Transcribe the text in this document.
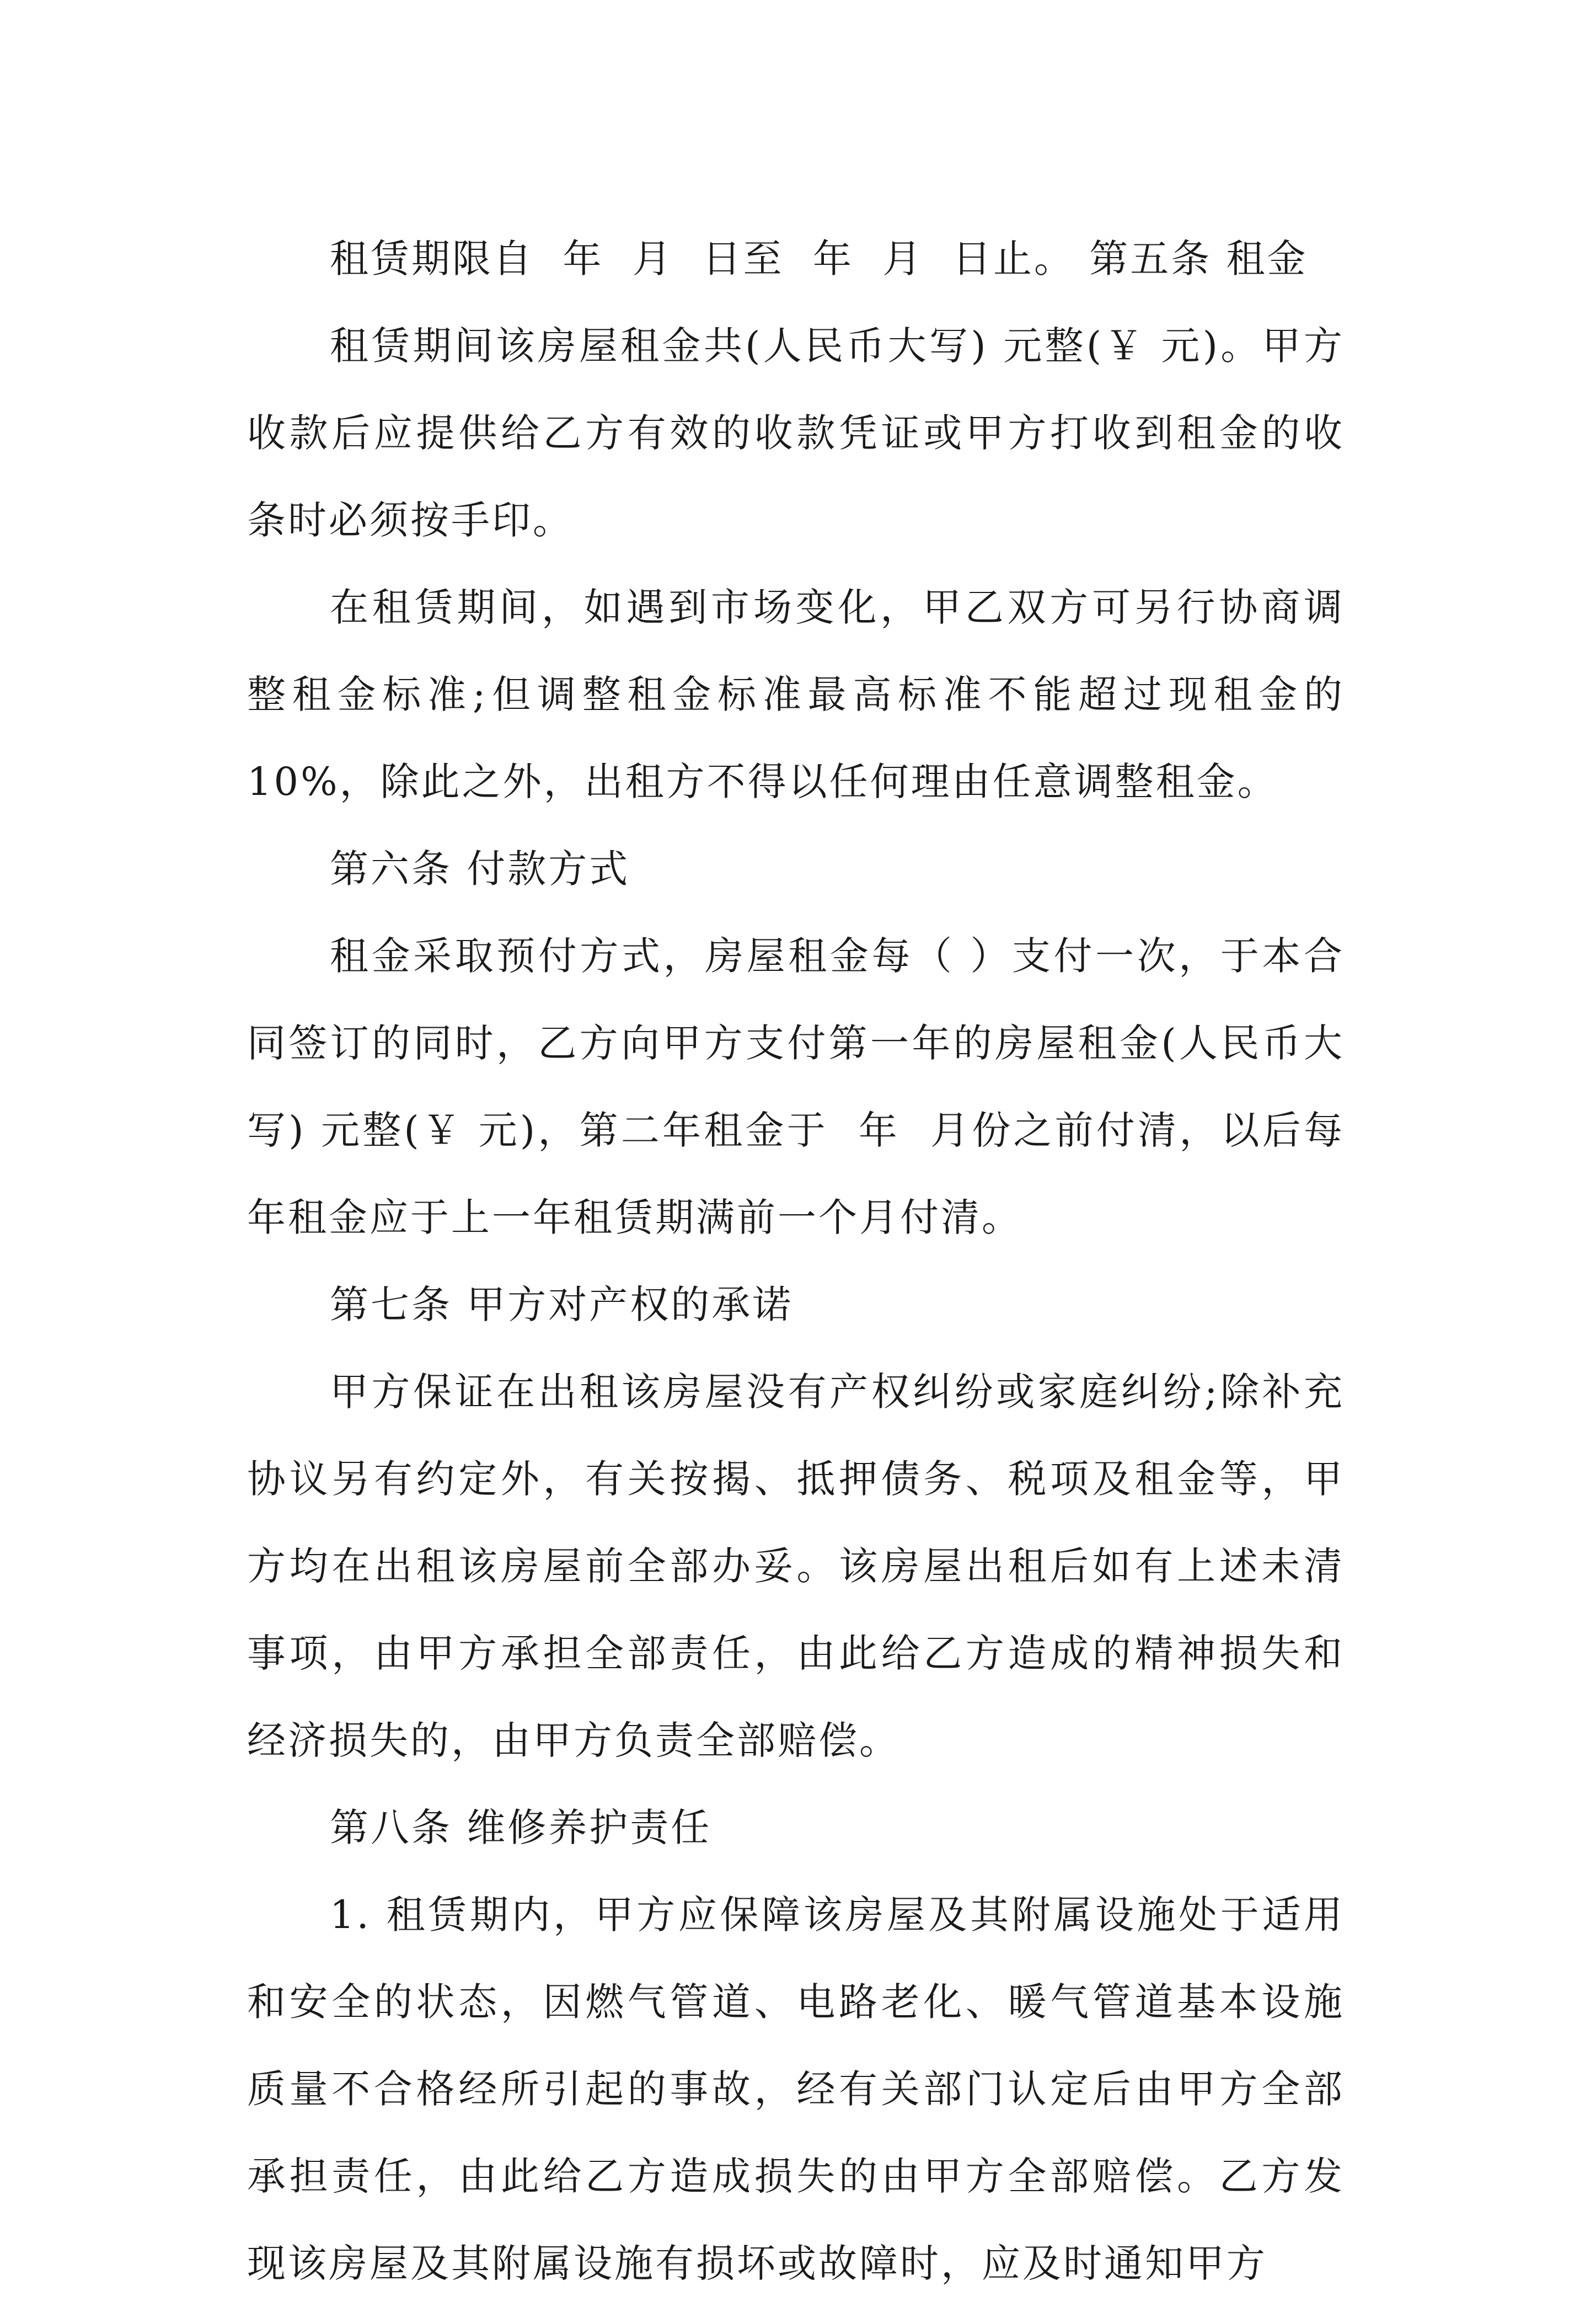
租赁期限自  年  月  日至  年  月  日止。 第五条 租金

租赁期间该房屋租金共(人民币大写) 元整(￥ 元)。甲方收款后应提供给乙方有效的收款凭证或甲方打收到租金的收条时必须按手印。

在租赁期间，如遇到市场变化，甲乙双方可另行协商调整租金标准;但调整租金标准最高标准不能超过现租金的10%，除此之外，出租方不得以任何理由任意调整租金。

第六条 付款方式

租金采取预付方式，房屋租金每（ ）支付一次，于本合同签订的同时，乙方向甲方支付第一年的房屋租金(人民币大写) 元整(￥ 元)，第二年租金于  年  月份之前付清，以后每年租金应于上一年租赁期满前一个月付清。

第七条 甲方对产权的承诺

甲方保证在出租该房屋没有产权纠纷或家庭纠纷;除补充协议另有约定外，有关按揭、抵押债务、税项及租金等，甲方均在出租该房屋前全部办妥。该房屋出租后如有上述未清事项，由甲方承担全部责任，由此给乙方造成的精神损失和经济损失的，由甲方负责全部赔偿。

第八条 维修养护责任

1. 租赁期内，甲方应保障该房屋及其附属设施处于适用和安全的状态，因燃气管道、电路老化、暖气管道基本设施质量不合格经所引起的事故，经有关部门认定后由甲方全部承担责任，由此给乙方造成损失的由甲方全部赔偿。乙方发现该房屋及其附属设施有损坏或故障时，应及时通知甲方
